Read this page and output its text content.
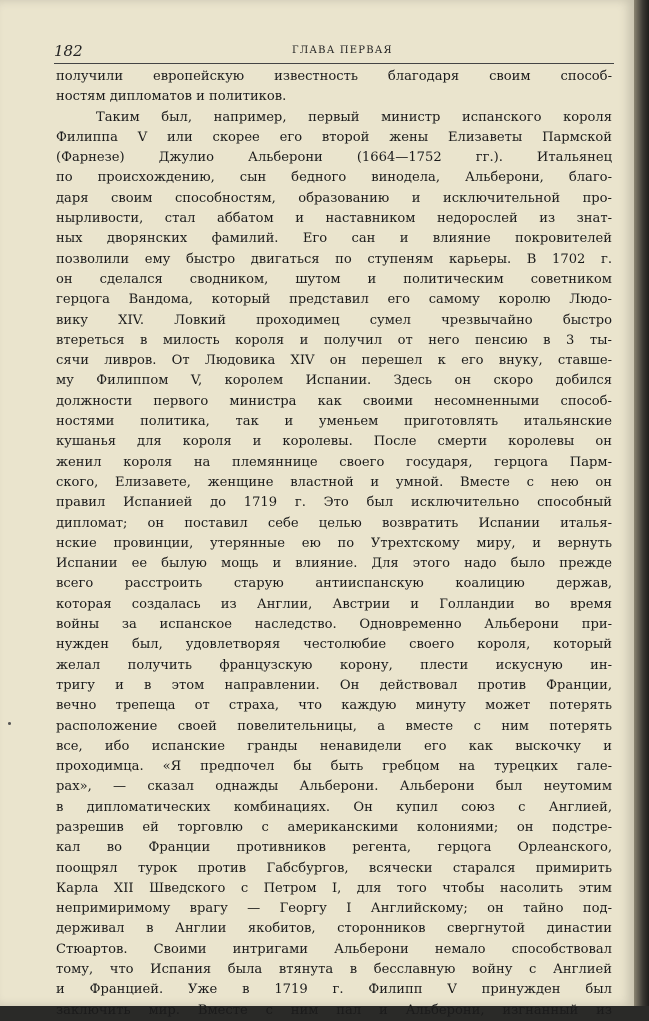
182	ГЛАВА ПЕРВАЯ
получили европейскую известность благодаря своим способ-
ностям дипломатов и политиков.
Таким был, например, первый министр испанского короля
Филиппа V или скорее его второй жены Елизаветы Пармской
(Фарнезе) Джулио Альберони (1664—1752 гг.). Итальянец
по происхождению, сын бедного винодела, Альберони, благо-
даря своим способностям, образованию и исключительной про-
нырливости, стал аббатом и наставником недорослей из знат-
ных дворянских фамилий. Его сан и влияние покровителей
позволили ему быстро двигаться по ступеням карьеры. В 1702 г.
он сделался сводником, шутом и политическим советником
герцога Вандома, который представил его самому королю Людо-
вику XIV. Ловкий проходимец сумел чрезвычайно быстро
втереться в милость короля и получил от него пенсию в 3 ты-
сячи ливров. От Людовика XIV он перешел к его внуку, ставше-
му Филиппом V, королем Испании. Здесь он скоро добился
должности первого министра как своими несомненными способ-
ностями политика, так и уменьем приготовлять итальянские
кушанья для короля и королевы. После смерти королевы он
женил короля на племяннице своего государя, герцога Парм-
ского, Елизавете, женщине властной и умной. Вместе с нею он
правил Испанией до 1719 г. Это был исключительно способный
дипломат; он поставил себе целью возвратить Испании италья-
нские провинции, утерянные ею по Утрехтскому миру, и вернуть
Испании ее былую мощь и влияние. Для этого надо было прежде
всего расстроить старую антииспанскую коалицию держав,
которая создалась из Англии, Австрии и Голландии во время
войны за испанское наследство. Одновременно Альберони при-
нужден был, удовлетворяя честолюбие своего короля, который
желал получить французскую корону, плести искусную ин-
тригу и в этом направлении. Он действовал против Франции,
вечно трепеща от страха, что каждую минуту может потерять
расположение своей повелительницы, а вместе с ним потерять
все, ибо испанские гранды ненавидели его как выскочку и
проходимца. «Я предпочел бы быть гребцом на турецких гале-
рах», — сказал однажды Альберони. Альберони был неутомим
в дипломатических комбинациях. Он купил союз с Англией,
разрешив ей торговлю с американскими колониями; он подстре-
кал во Франции противников регента, герцога Орлеанского,
поощрял турок против Габсбургов, всячески старался примирить
Карла XII Шведского с Петром I, для того чтобы насолить этим
непримиримому врагу — Георгу I Английскому; он тайно под-
держивал в Англии якобитов, сторонников свергнутой династии
Стюартов. Своими интригами Альберони немало способствовал
тому, что Испания была втянута в бесславную войну с Англией
и Францией. Уже в 1719 г. Филипп V принужден был
заключить мир. Вместе с ним пал и Альберони, изгнанный из
